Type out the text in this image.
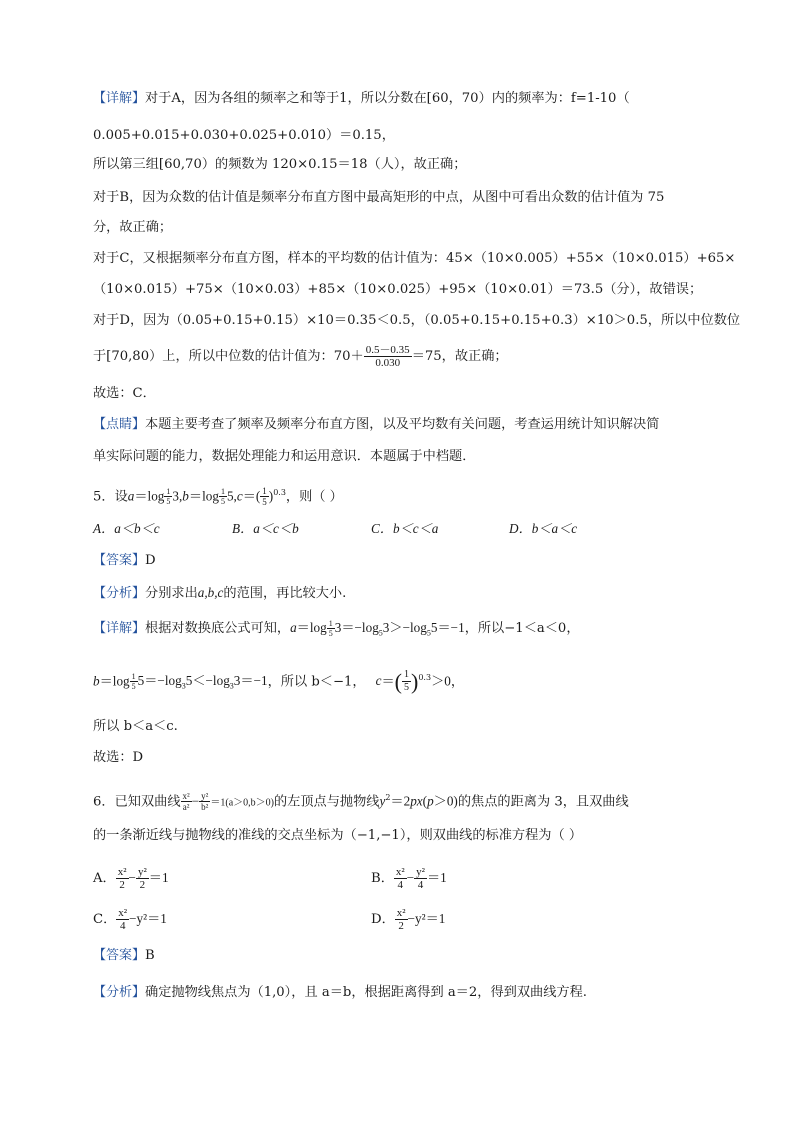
【详解】对于A，因为各组的频率之和等于1，所以分数在[60，70）内的频率为：f=1-10（
0.005+0.015+0.030+0.025+0.010）＝0.15，
所以第三组[60,70）的频数为 120×0.15＝18（人），故正确；
对于B，因为众数的估计值是频率分布直方图中最高矩形的中点，从图中可看出众数的估计值为 75
分，故正确；
对于C，又根据频率分布直方图，样本的平均数的估计值为：45×（10×0.005）+55×（10×0.015）+65×
（10×0.015）+75×（10×0.03）+85×（10×0.025）+95×（10×0.01）＝73.5（分），故错误；
对于D，因为（0.05+0.15+0.15）×10＝0.35＜0.5，（0.05+0.15+0.15+0.3）×10＞0.5，所以中位数位
于[70,80）上，所以中位数的估计值为：$70+ \frac{0.5-0.35}{0.030} =75$，故正确；
故选：C．
【点睛】本题主要考查了频率及频率分布直方图，以及平均数有关问题，考查运用统计知识解决简
单实际问题的能力，数据处理能力和运用意识．本题属于中档题．
5．设$a=\log \frac{1}{5} 3,b=\log \frac{1}{5} 5,c=( \frac{1}{5} )^{0.3}$，则（ ）
A．a＜b＜c	B．a＜c＜b	C．b＜c＜a	D．b＜a＜c
【答案】D
【分析】分别求出a,b,c的范围，再比较大小.
【详解】根据对数换底公式可知，$a=\log \frac{1}{5} 3=-\log_53>-\log_55=-1$，所以−1＜a＜0，
$b=\log \frac{1}{5} 5=-\log_35<-\log_33=-1$，所以 b＜−1， $c=( \frac{1}{5} )^{0.3}>0$，
所以 b＜a＜c.
故选：D
6．已知双曲线 $\frac{\text{x²}}{\text{a²}} - \frac{\text{y²}}{\text{b²}} =1(a>0,b>0)$的左顶点与抛物线$y^2=2px(p>0)$的焦点的距离为 3，且双曲线
的一条渐近线与抛物线的准线的交点坐标为（−1,−1），则双曲线的标准方程为（ ）
A． $\frac{\text{x²}}{2} - \frac{\text{y²}}{2} =1$	B． $\frac{\text{x²}}{4} - \frac{\text{y²}}{4} =1$
C． $\frac{\text{x²}}{4} -y^2=1$	D． $\frac{\text{x²}}{2} -y^2=1$
【答案】B
【分析】确定抛物线焦点为（1,0），且 a＝b，根据距离得到 a＝2，得到双曲线方程.
